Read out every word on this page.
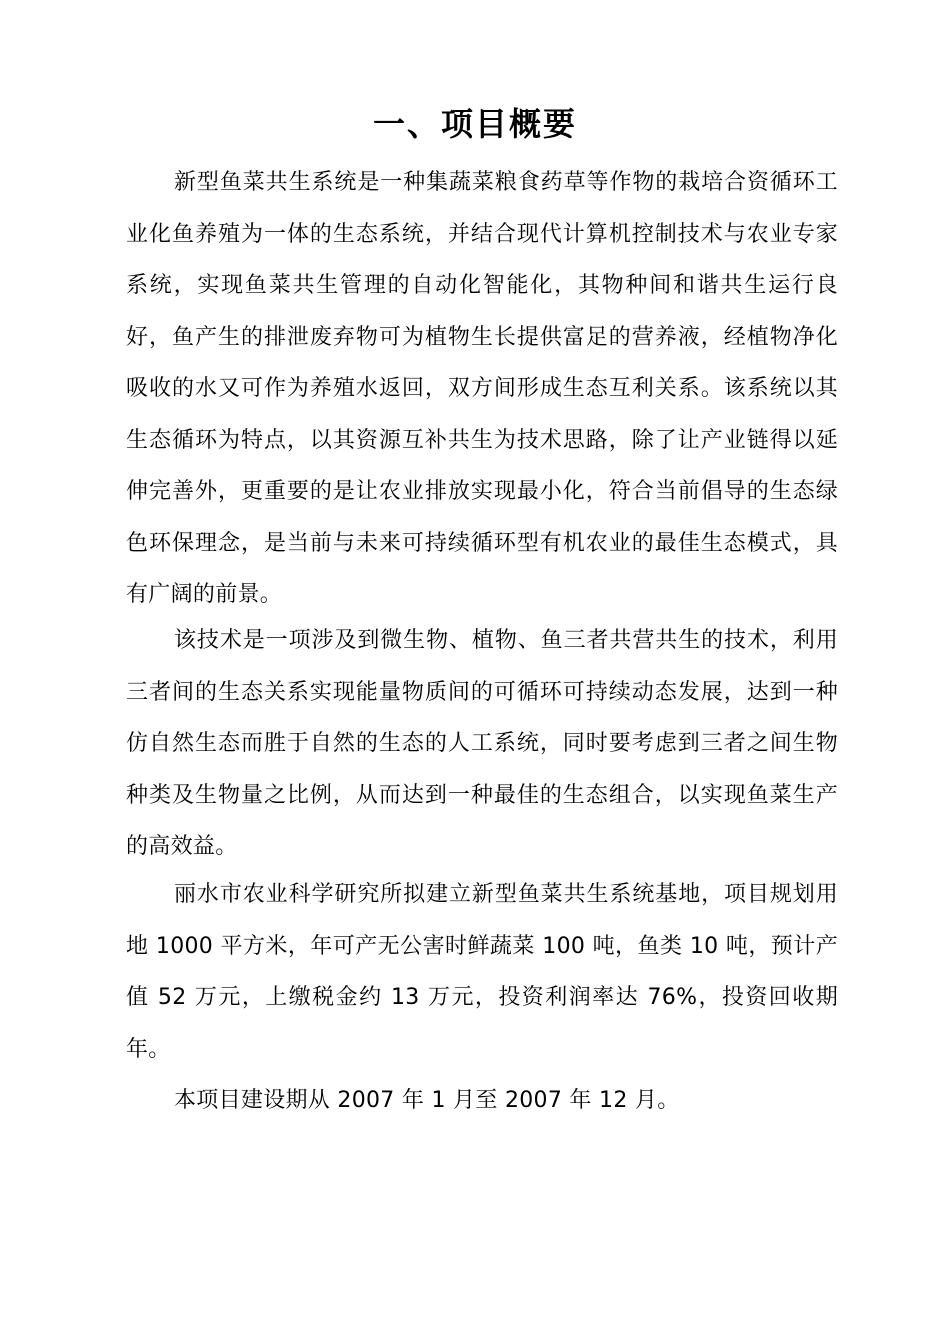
一、项目概要

新型鱼菜共生系统是一种集蔬菜粮食药草等作物的栽培合资循环工业化鱼养殖为一体的生态系统，并结合现代计算机控制技术与农业专家系统，实现鱼菜共生管理的自动化智能化，其物种间和谐共生运行良好，鱼产生的排泄废弃物可为植物生长提供富足的营养液，经植物净化吸收的水又可作为养殖水返回，双方间形成生态互利关系。该系统以其生态循环为特点，以其资源互补共生为技术思路，除了让产业链得以延伸完善外，更重要的是让农业排放实现最小化，符合当前倡导的生态绿色环保理念，是当前与未来可持续循环型有机农业的最佳生态模式，具有广阔的前景。

该技术是一项涉及到微生物、植物、鱼三者共营共生的技术，利用三者间的生态关系实现能量物质间的可循环可持续动态发展，达到一种仿自然生态而胜于自然的生态的人工系统，同时要考虑到三者之间生物种类及生物量之比例，从而达到一种最佳的生态组合，以实现鱼菜生产的高效益。

丽水市农业科学研究所拟建立新型鱼菜共生系统基地，项目规划用地 1000 平方米，年可产无公害时鲜蔬菜 100 吨，鱼类 10 吨，预计产值 52 万元，上缴税金约 13 万元，投资利润率达 76%，投资回收期年。

本项目建设期从 2007 年 1 月至 2007 年 12 月。
